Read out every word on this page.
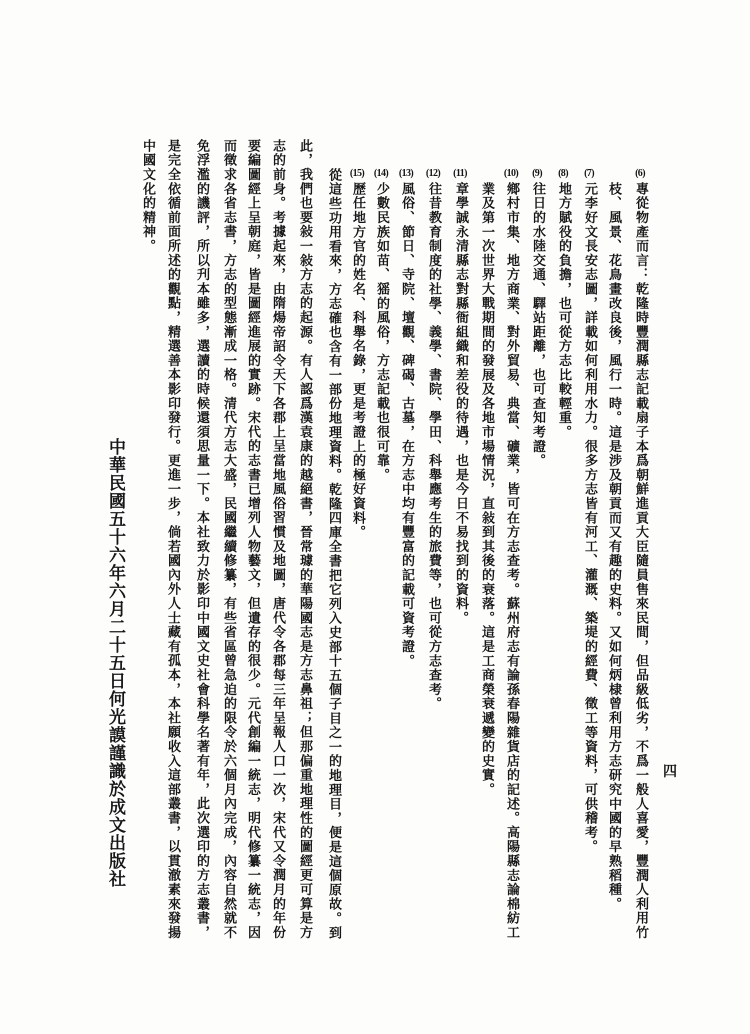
四
(6)
專從物產而言：乾隆時豐潤縣志記載扇子本爲朝鮮進貢大臣隨員售來民間，但品級低劣，不爲一般人喜愛，豐潤人利用竹
枝、風景、花鳥畫改良後，風行一時。這是涉及朝貢而又有趣的史料。又如何炳棣曾利用方志研究中國的早熟稻種。
(7)
元李好文長安志圖，詳載如何利用水力。很多方志皆有河工、灌溉、築堤的經費、徵工等資料，可供稽考。
(8)
地方賦役的負擔，也可從方志比較輕重。
(9)
往日的水陸交通、驛站距離，也可查知考證。
(10)
鄉村市集、地方商業、對外貿易、典當、礦業，皆可在方志查考。蘇州府志有論孫春陽雜貨店的記述。高陽縣志論棉紡工
業及第一次世界大戰期間的發展及各地市場情況，直敍到其後的衰落。這是工商榮衰遞變的史實。
(11)
章學誠永清縣志對縣衙組織和差役的待遇，也是今日不易找到的資料。
(12)
往昔教育制度的社學、義學、書院、學田、科舉應考生的旅費等，也可從方志查考。
(13)
風俗、節日、寺院、壇觀、碑碣、古墓，在方志中均有豐富的記載可資考證。
(14)
少數民族如苗、猺的風俗，方志記載也很可靠。
(15)
歷任地方官的姓名、科舉名錄，更是考證上的極好資料。
從這些功用看來，方志確也含有一部份地理資料。乾隆四庫全書把它列入史部十五個子目之一的地理目，便是這個原故。到
此，我們也要敍一敍方志的起源。有人認爲漢袁康的越絕書，晉常璩的華陽國志是方志鼻祖；但那偏重地理性的圖經更可算是方
志的前身。考據起來，由隋煬帝詔令天下各郡上呈當地風俗習慣及地圖，唐代令各郡每三年呈報人口一次，宋代又令潤月的年份
要編圖經上呈朝庭，皆是圖經進展的實跡。宋代的志書已增列人物藝文，但遺存的很少。元代創編一統志，明代修纂一統志，因
而徵求各省志書，方志的型態漸成一格。清代方志大盛，民國繼續修纂，有些省區曾急迫的限令於六個月內完成，內容自然就不
免浮濫的譏評，所以刋本雖多，選讀的時候還須思量一下。本社致力於影印中國文史社會科學名著有年，此次選印的方志叢書，
是完全依循前面所述的觀點，精選善本影印發行。更進一步，倘若國內外人士藏有孤本，本社願收入這部叢書，以貫澈素來發揚
中國文化的精神。
中華民國五十六年六月二十五日何光謨謹識於成文出版社
